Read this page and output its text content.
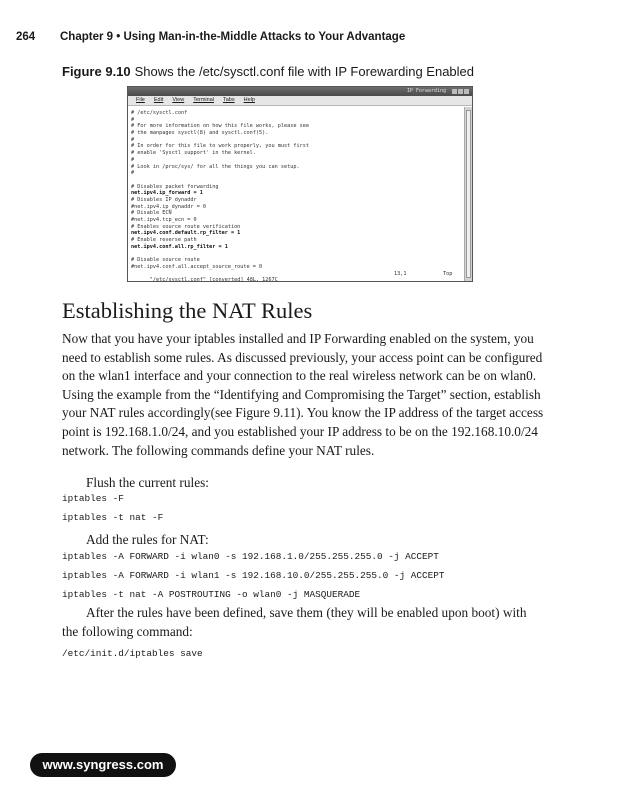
264 Chapter 9 • Using Man-in-the-Middle Attacks to Your Advantage
Figure 9.10 Shows the /etc/sysctl.conf file with IP Forewarding Enabled
IP Forwarding
File Edit View Terminal Tabs Help
# /etc/sysctl.conf
#
# For more information on how this file works, please see
# the manpages sysctl(8) and sysctl.conf(5).
#
# In order for this file to work properly, you must first
# enable 'Sysctl support' in the kernel.
#
# Look in /proc/sys/ for all the things you can setup.
#
# Disables packet forwarding
net.ipv4.ip_forward = 1
# Disables IP dynaddr
#net.ipv4.ip_dynaddr = 0
# Disable ECN
#net.ipv4.tcp_ecn = 0
# Enables source route verification
net.ipv4.conf.default.rp_filter = 1
# Enable reverse path
net.ipv4.conf.all.rp_filter = 1
# Disable source route
#net.ipv4.conf.all.accept_source_route = 0

"/etc/sysctl.conf" [converted] 48L, 1267C

13,1

	Top

Establishing the NAT Rules

Now that you have your iptables installed and IP Forwarding enabled on the system, you need to establish some rules. As discussed previously, your access point can be configured on the wlan1 interface and your connection to the real wireless network can be on wlan0. Using the example from the “Identifying and Compromising the Target” section, establish your NAT rules accordingly(see Figure 9.11). You know the IP address of the target access point is 192.168.1.0/24, and you established your IP address to be on the 192.168.10.0/24 network. The following commands define your NAT rules.

Flush the current rules:

iptables -F
iptables -t nat -F

Add the rules for NAT:

iptables -A FORWARD -i wlan0 -s 192.168.1.0/255.255.255.0 -j ACCEPT
iptables -A FORWARD -i wlan1 -s 192.168.10.0/255.255.255.0 -j ACCEPT
iptables -t nat -A POSTROUTING -o wlan0 -j MASQUERADE

After the rules have been defined, save them (they will be enabled upon boot) with the following command:

/etc/init.d/iptables save
www.syngress.com
